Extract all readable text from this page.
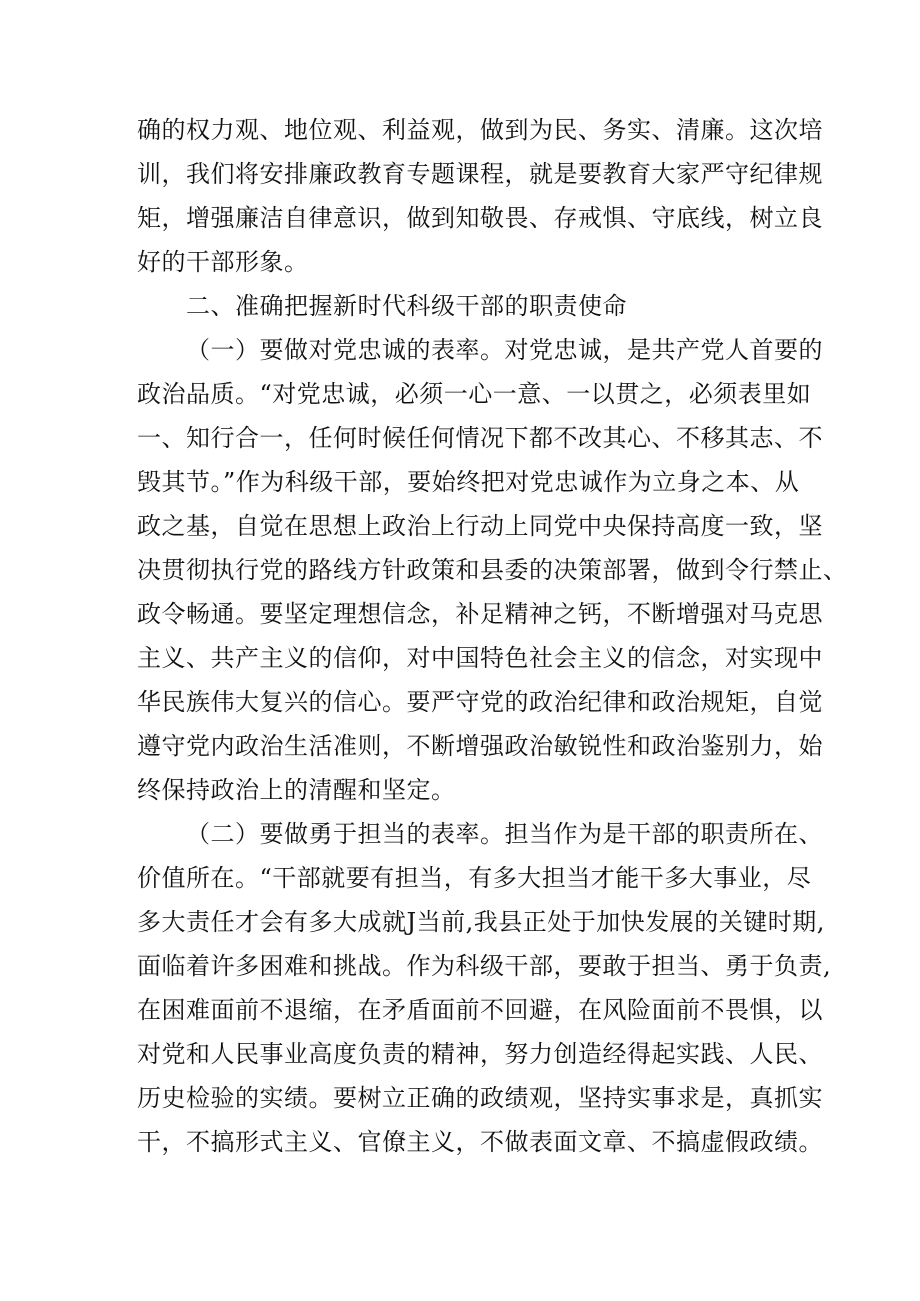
确的权力观、地位观、利益观，做到为民、务实、清廉。这次培
训，我们将安排廉政教育专题课程，就是要教育大家严守纪律规
矩，增强廉洁自律意识，做到知敬畏、存戒惧、守底线，树立良
好的干部形象。
二、准确把握新时代科级干部的职责使命
（一）要做对党忠诚的表率。对党忠诚，是共产党人首要的
政治品质。“对党忠诚，必须一心一意、一以贯之，必须表里如
一、知行合一，任何时候任何情况下都不改其心、不移其志、不
毁其节。”作为科级干部，要始终把对党忠诚作为立身之本、从
政之基，自觉在思想上政治上行动上同党中央保持高度一致，坚
决贯彻执行党的路线方针政策和县委的决策部署，做到令行禁止、
政令畅通。要坚定理想信念，补足精神之钙，不断增强对马克思
主义、共产主义的信仰，对中国特色社会主义的信念，对实现中
华民族伟大复兴的信心。要严守党的政治纪律和政治规矩，自觉
遵守党内政治生活准则，不断增强政治敏锐性和政治鉴别力，始
终保持政治上的清醒和坚定。
（二）要做勇于担当的表率。担当作为是干部的职责所在、
价值所在。“干部就要有担当，有多大担当才能干多大事业，尽
多大责任才会有多大成就J当前,我县正处于加快发展的关键时期,
面临着许多困难和挑战。作为科级干部，要敢于担当、勇于负责,
在困难面前不退缩，在矛盾面前不回避，在风险面前不畏惧，以
对党和人民事业高度负责的精神，努力创造经得起实践、人民、
历史检验的实绩。要树立正确的政绩观，坚持实事求是，真抓实
干，不搞形式主义、官僚主义，不做表面文章、不搞虚假政绩。
